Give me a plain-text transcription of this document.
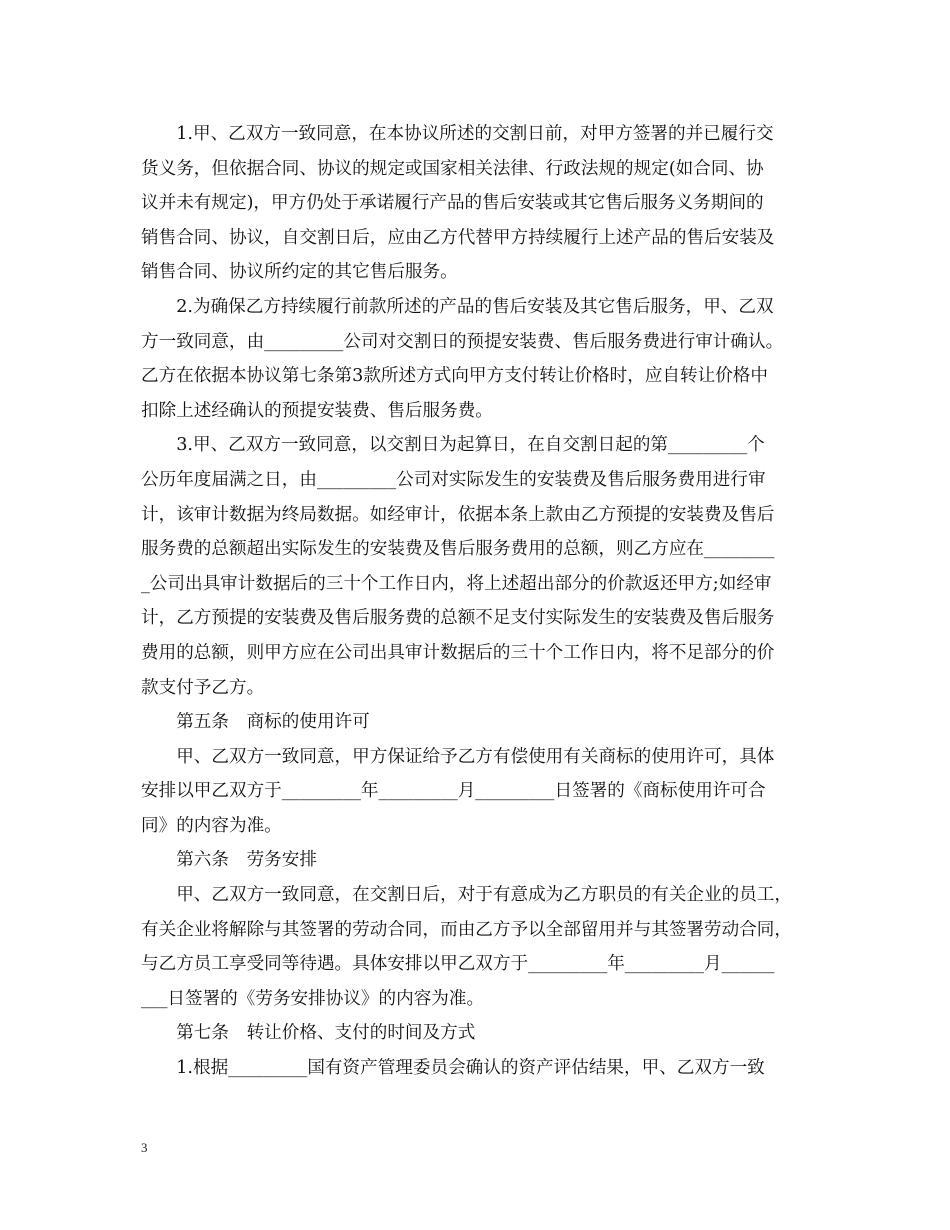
　　1.甲、乙双方一致同意，在本协议所述的交割日前，对甲方签署的并已履行交
货义务，但依据合同、协议的规定或国家相关法律、行政法规的规定(如合同、协
议并未有规定)，甲方仍处于承诺履行产品的售后安装或其它售后服务义务期间的
销售合同、协议，自交割日后，应由乙方代替甲方持续履行上述产品的售后安装及
销售合同、协议所约定的其它售后服务。
　　2.为确保乙方持续履行前款所述的产品的售后安装及其它售后服务，甲、乙双
方一致同意，由_________公司对交割日的预提安装费、售后服务费进行审计确认。
乙方在依据本协议第七条第3款所述方式向甲方支付转让价格时，应自转让价格中
扣除上述经确认的预提安装费、售后服务费。
　　3.甲、乙双方一致同意，以交割日为起算日，在自交割日起的第_________个
公历年度届满之日，由_________公司对实际发生的安装费及售后服务费用进行审
计，该审计数据为终局数据。如经审计，依据本条上款由乙方预提的安装费及售后
服务费的总额超出实际发生的安装费及售后服务费用的总额，则乙方应在________
_公司出具审计数据后的三十个工作日内，将上述超出部分的价款返还甲方;如经审
计，乙方预提的安装费及售后服务费的总额不足支付实际发生的安装费及售后服务
费用的总额，则甲方应在公司出具审计数据后的三十个工作日内，将不足部分的价
款支付予乙方。
　　第五条　商标的使用许可
　　甲、乙双方一致同意，甲方保证给予乙方有偿使用有关商标的使用许可，具体
安排以甲乙双方于_________年_________月_________日签署的《商标使用许可合
同》的内容为准。
　　第六条　劳务安排
　　甲、乙双方一致同意，在交割日后，对于有意成为乙方职员的有关企业的员工，
有关企业将解除与其签署的劳动合同，而由乙方予以全部留用并与其签署劳动合同，
与乙方员工享受同等待遇。具体安排以甲乙双方于_________年_________月______
___日签署的《劳务安排协议》的内容为准。
　　第七条　转让价格、支付的时间及方式
　　1.根据_________国有资产管理委员会确认的资产评估结果，甲、乙双方一致
3
